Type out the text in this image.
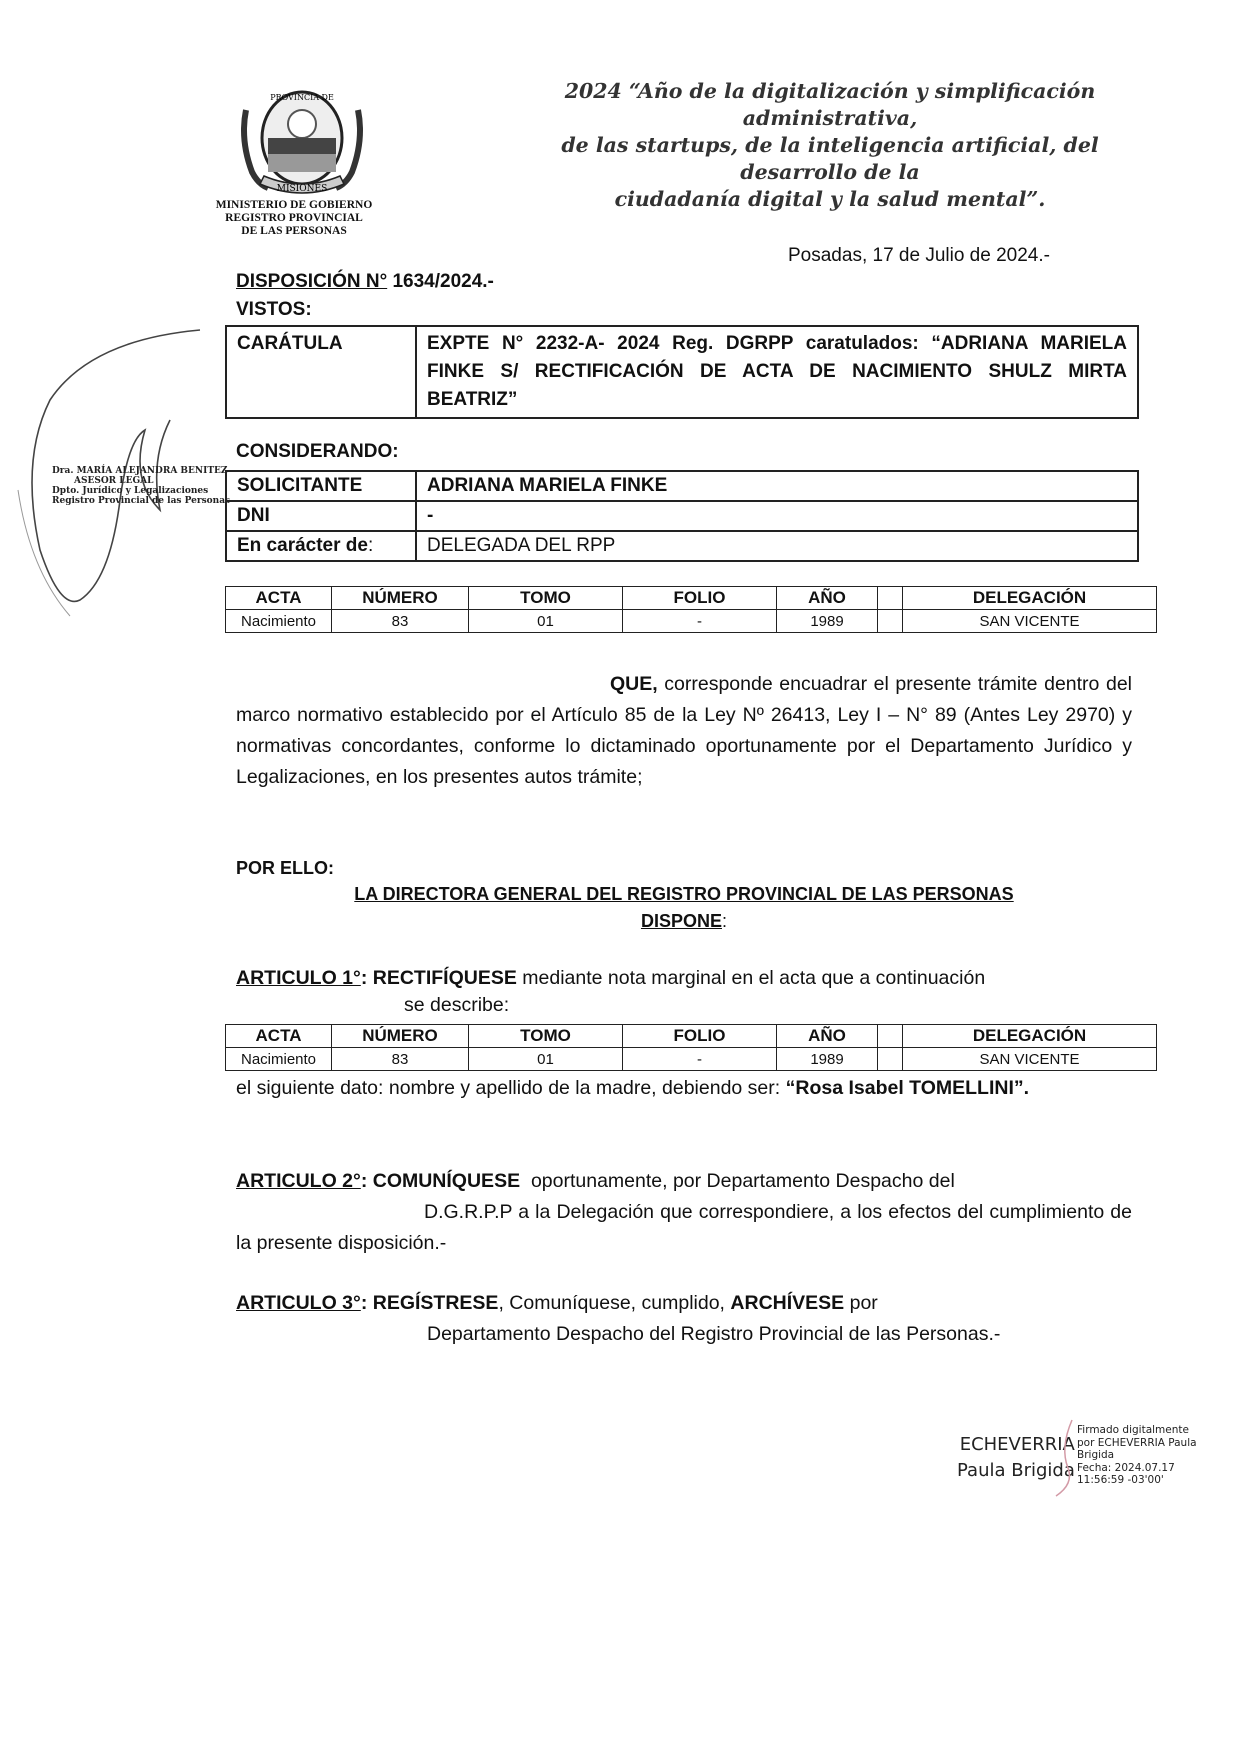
PROVINCIA DE
MISIONES
MINISTERIO DE GOBIERNO
REGISTRO PROVINCIAL
DE LAS PERSONAS
2024 “Año de la digitalización y simplificación administrativa,
de las startups, de la inteligencia artificial, del desarrollo de la
ciudadanía digital y la salud mental”.
Dra. MARÍA ALEJANDRA BENITEZ
ASESOR LEGAL
Dpto. Jurídico y Legalizaciones
Registro Provincial de las Personas
Posadas, 17 de Julio de 2024.-
DISPOSICIÓN N° 1634/2024.-
VISTOS:
CARÁTULA	EXPTE N° 2232-A- 2024 Reg. DGRPP caratulados: “ADRIANA MARIELA FINKE S/ RECTIFICACIÓN DE ACTA DE NACIMIENTO SHULZ MIRTA BEATRIZ”
CONSIDERANDO:
SOLICITANTE	ADRIANA MARIELA FINKE
DNI	-
En carácter de:	DELEGADA DEL RPP
ACTA	NÚMERO	TOMO	FOLIO	AÑO		DELEGACIÓN
Nacimiento	83	01	-	1989		SAN VICENTE
QUE, corresponde encuadrar el presente trámite dentro del marco normativo establecido por el Artículo 85 de la Ley Nº 26413, Ley I – N° 89 (Antes Ley 2970) y normativas concordantes, conforme lo dictaminado oportunamente por el Departamento Jurídico y Legalizaciones, en los presentes autos trámite;
POR ELLO:
LA DIRECTORA GENERAL DEL REGISTRO PROVINCIAL DE LAS PERSONAS
DISPONE:
ARTICULO 1°: RECTIFÍQUESE mediante nota marginal en el acta que a continuación
se describe:
ACTA	NÚMERO	TOMO	FOLIO	AÑO		DELEGACIÓN
Nacimiento	83	01	-	1989		SAN VICENTE
el siguiente dato: nombre y apellido de la madre, debiendo ser: “Rosa Isabel TOMELLINI”.
ARTICULO 2°: COMUNÍQUESE oportunamente, por Departamento Despacho del
D.G.R.P.P a la Delegación que correspondiere, a los efectos del cumplimiento de la presente disposición.-
ARTICULO 3°: REGÍSTRESE, Comuníquese, cumplido, ARCHÍVESE por
Departamento Despacho del Registro Provincial de las Personas.-
ECHEVERRIA
Paula Brigida
Firmado digitalmente
por ECHEVERRIA Paula
Brigida
Fecha: 2024.07.17
11:56:59 -03'00'
